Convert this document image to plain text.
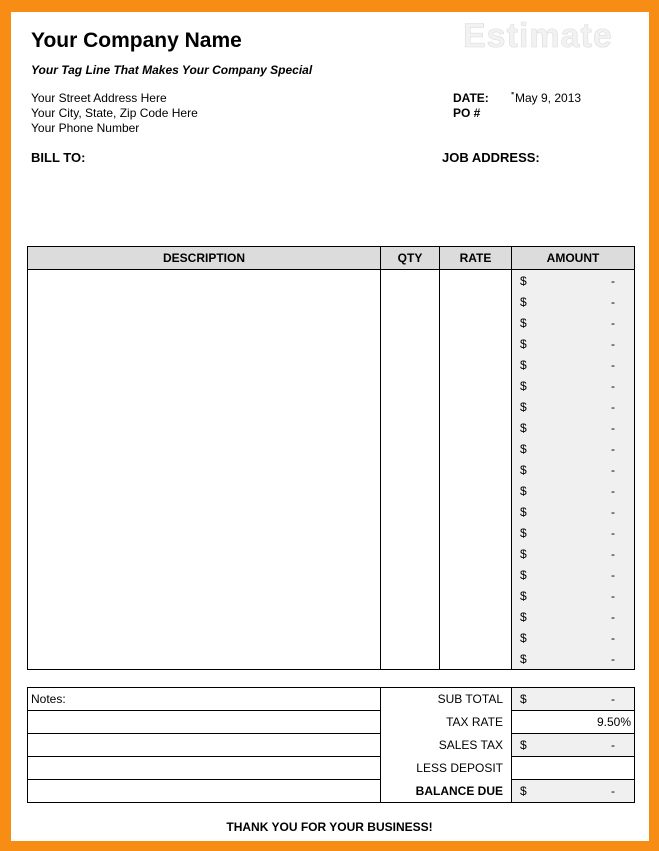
Your Company Name
Your Tag Line That Makes Your Company Special
Estimate
Your Street Address Here
Your City, State, Zip Code Here
Your Phone Number
DATE: ▪ May 9, 2013
PO #
BILL TO:	JOB ADDRESS:
DESCRIPTION	QTY	RATE	AMOUNT

			$ -

			$ -

			$ -

			$ -

			$ -

			$ -

			$ -

			$ -

			$ -

			$ -

			$ -

			$ -

			$ -

			$ -

			$ -

			$ -

			$ -

			$ -

			$ -
Notes:	SUB TOTAL	$ -

	TAX RATE	9.50%
	SALES TAX	$ -

	LESS DEPOSIT	
	BALANCE DUE	$ -
THANK YOU FOR YOUR BUSINESS!
